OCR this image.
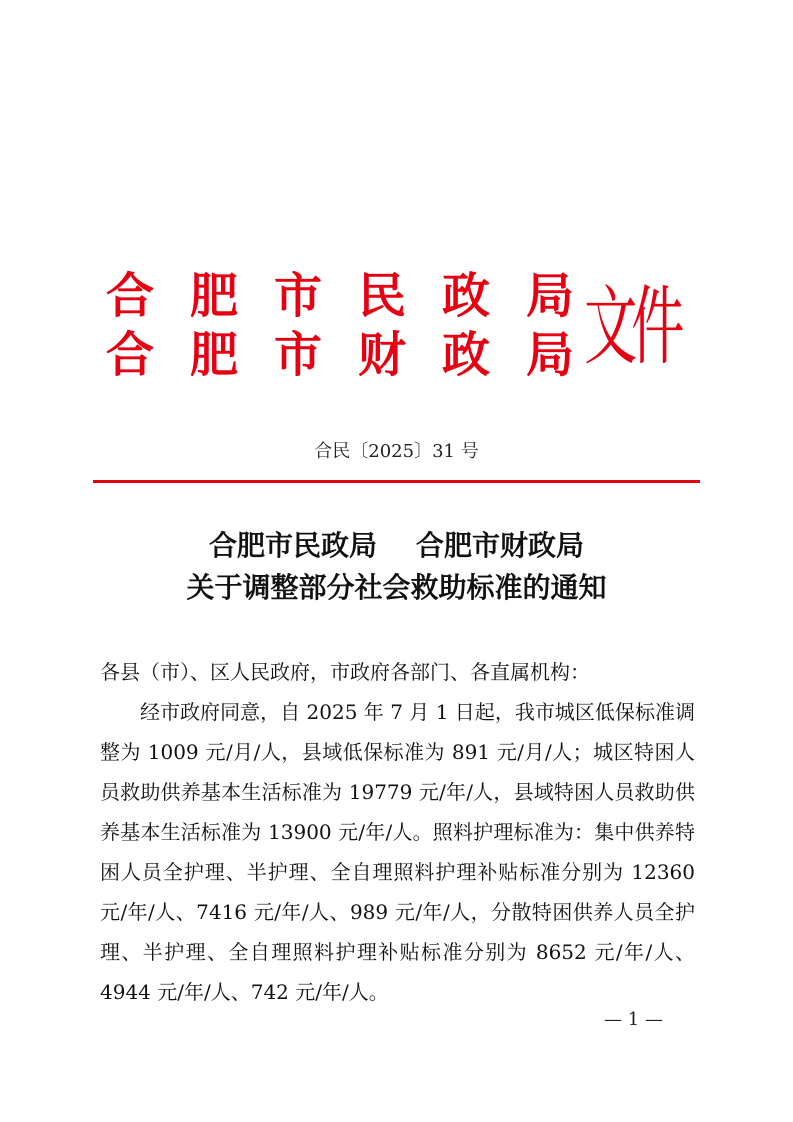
合 肥 市 民 政 局
合 肥 市 财 政 局 文件
合民〔2025〕31 号
合肥市民政局    合肥市财政局
关于调整部分社会救助标准的通知

各县（市）、区人民政府，市政府各部门、各直属机构：

经市政府同意，自 2025 年 7 月 1 日起，我市城区低保标准调整为 1009 元/月/人，县域低保标准为 891 元/月/人；城区特困人员救助供养基本生活标准为 19779 元/年/人，县域特困人员救助供养基本生活标准为 13900 元/年/人。照料护理标准为：集中供养特困人员全护理、半护理、全自理照料护理补贴标准分别为 12360 元/年/人、7416 元/年/人、989 元/年/人，分散特困供养人员全护理、半护理、全自理照料护理补贴标准分别为 8652 元/年/人、4944 元/年/人、742 元/年/人。

— 1 —
